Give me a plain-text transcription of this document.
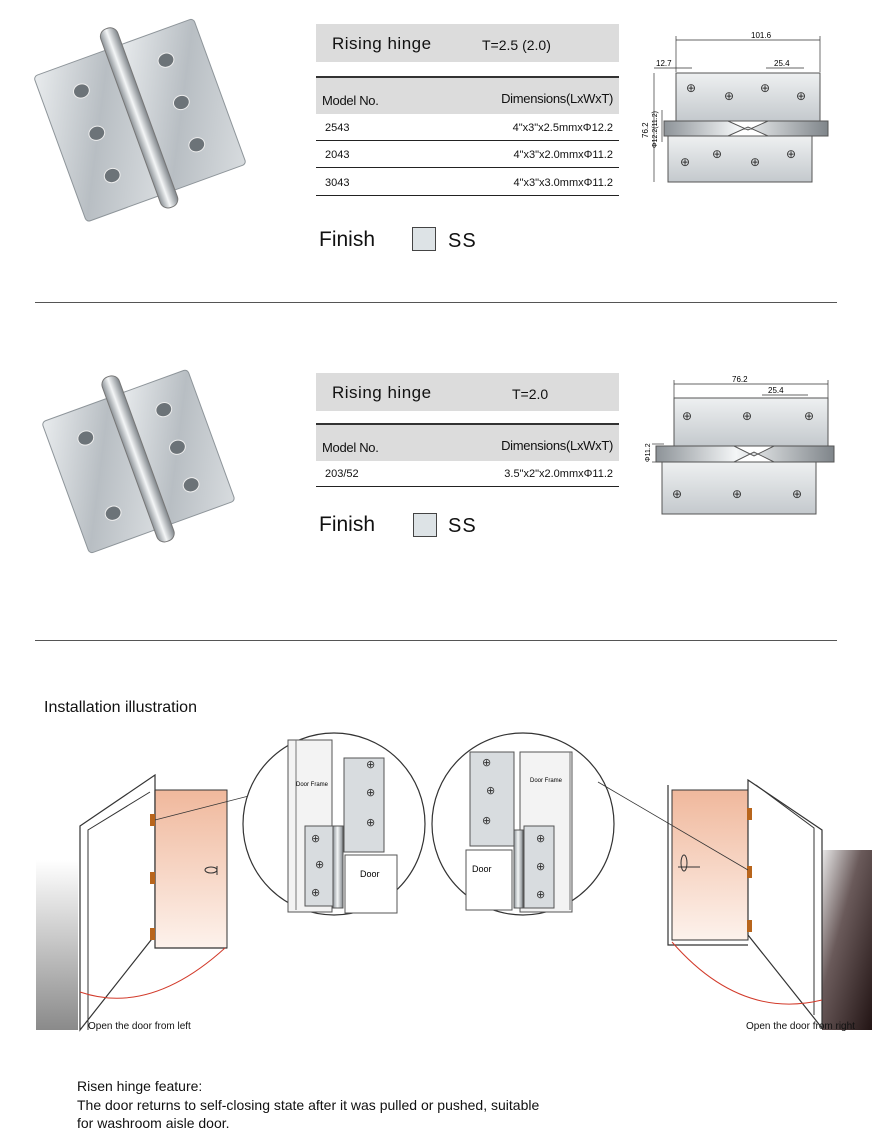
Rising hinge	T=2.5 (2.0)
Model No.	Dimensions(LxWxT)
2543	4"x3"x2.5mmxΦ12.2
2043	4"x3"x2.0mmxΦ11.2
3043	4"x3"x3.0mmxΦ11.2
Finish	SS
101.6
12.7	25.4
76.2 Φ12.2(11.2)
⊕
⊕
⊕
⊕
⊕
⊕
⊕
⊕
Rising hinge	T=2.0
Model No.	Dimensions(LxWxT)
203/52	3.5"x2"x2.0mmxΦ11.2
Finish	SS
76.2
25.4
Φ11.2
⊕	⊕	⊕
⊕	⊕	⊕
Installation illustration
⊕
⊕
⊕
⊕
⊕
⊕
Door Frame
Door
⊕
⊕
⊕
⊕
⊕
⊕
Door Frame
Door
Open the door from left	Open the door from right
Risen hinge feature:
The door returns to self-closing state after it was pulled or pushed, suitable
for washroom aisle door.
